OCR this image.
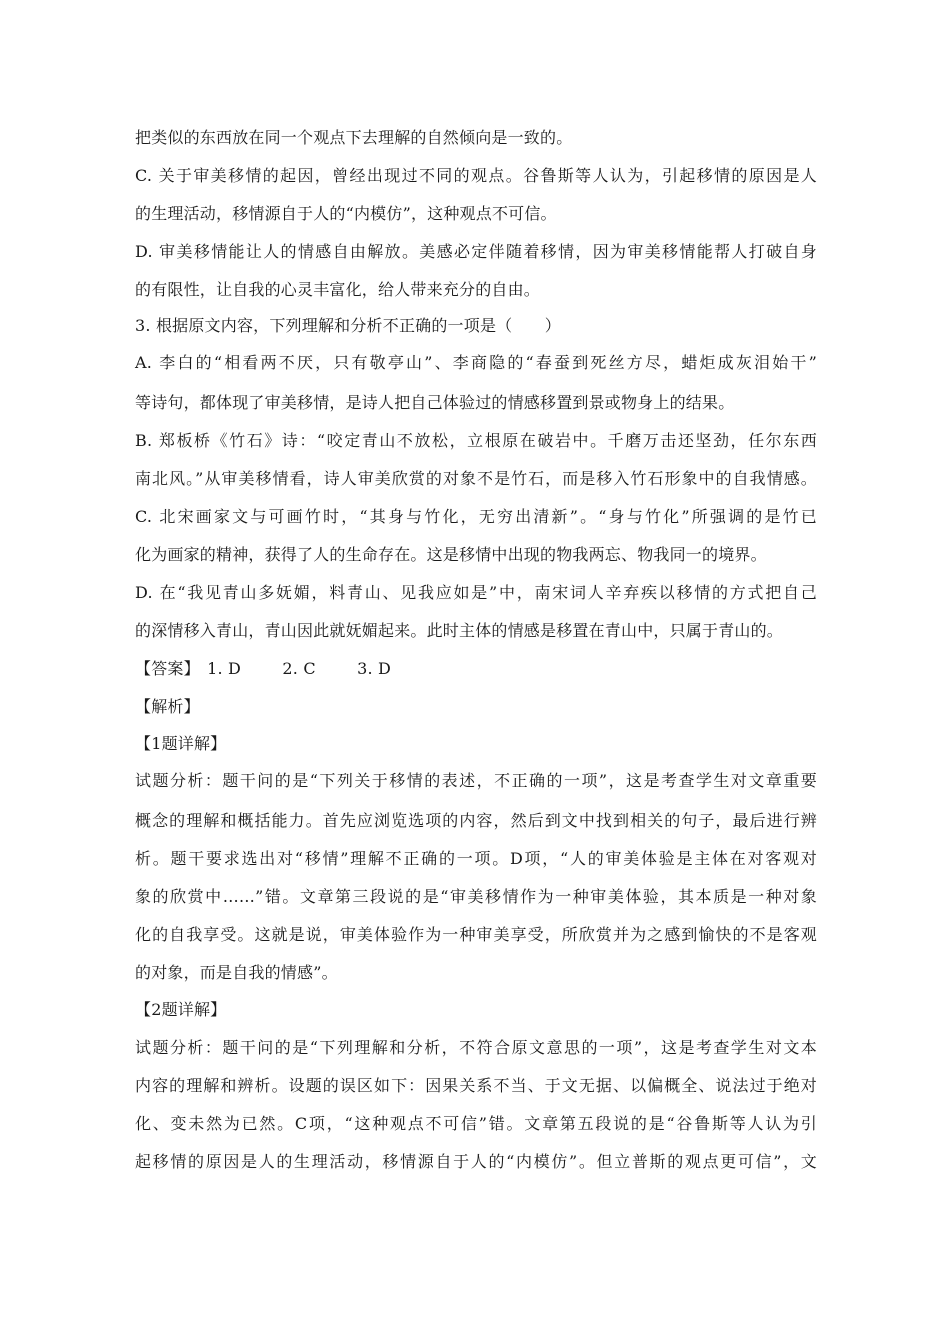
把类似的东西放在同一个观点下去理解的自然倾向是一致的。
C. 关于审美移情的起因，曾经出现过不同的观点。谷鲁斯等人认为，引起移情的原因是人
的生理活动，移情源自于人的“内模仿”，这种观点不可信。
D. 审美移情能让人的情感自由解放。美感必定伴随着移情，因为审美移情能帮人打破自身
的有限性，让自我的心灵丰富化，给人带来充分的自由。
3. 根据原文内容，下列理解和分析不正确的一项是（　　）
A. 李白的“相看两不厌，只有敬亭山”、李商隐的“春蚕到死丝方尽，蜡炬成灰泪始干”
等诗句，都体现了审美移情，是诗人把自己体验过的情感移置到景或物身上的结果。
B. 郑板桥《竹石》诗：“咬定青山不放松，立根原在破岩中。千磨万击还坚劲，任尔东西
南北风。”从审美移情看，诗人审美欣赏的对象不是竹石，而是移入竹石形象中的自我情感。
C. 北宋画家文与可画竹时，“其身与竹化，无穷出清新”。“身与竹化”所强调的是竹已
化为画家的精神，获得了人的生命存在。这是移情中出现的物我两忘、物我同一的境界。
D. 在“我见青山多妩媚，料青山、见我应如是”中，南宋词人辛弃疾以移情的方式把自己
的深情移入青山，青山因此就妩媚起来。此时主体的情感是移置在青山中，只属于青山的。
【答案】 1. D	2. C	3. D
【解析】
【1题详解】
试题分析：题干问的是“下列关于移情的表述，不正确的一项”，这是考查学生对文章重要
概念的理解和概括能力。首先应浏览选项的内容，然后到文中找到相关的句子，最后进行辨
析。题干要求选出对“移情”理解不正确的一项。D项，“人的审美体验是主体在对客观对
象的欣赏中……”错。文章第三段说的是“审美移情作为一种审美体验，其本质是一种对象
化的自我享受。这就是说，审美体验作为一种审美享受，所欣赏并为之感到愉快的不是客观
的对象，而是自我的情感”。
【2题详解】
试题分析：题干问的是“下列理解和分析，不符合原文意思的一项”，这是考查学生对文本
内容的理解和辨析。设题的误区如下：因果关系不当、于文无据、以偏概全、说法过于绝对
化、变未然为已然。C项，“这种观点不可信”错。文章第五段说的是“谷鲁斯等人认为引
起移情的原因是人的生理活动，移情源自于人的“内模仿”。但立普斯的观点更可信”，文
